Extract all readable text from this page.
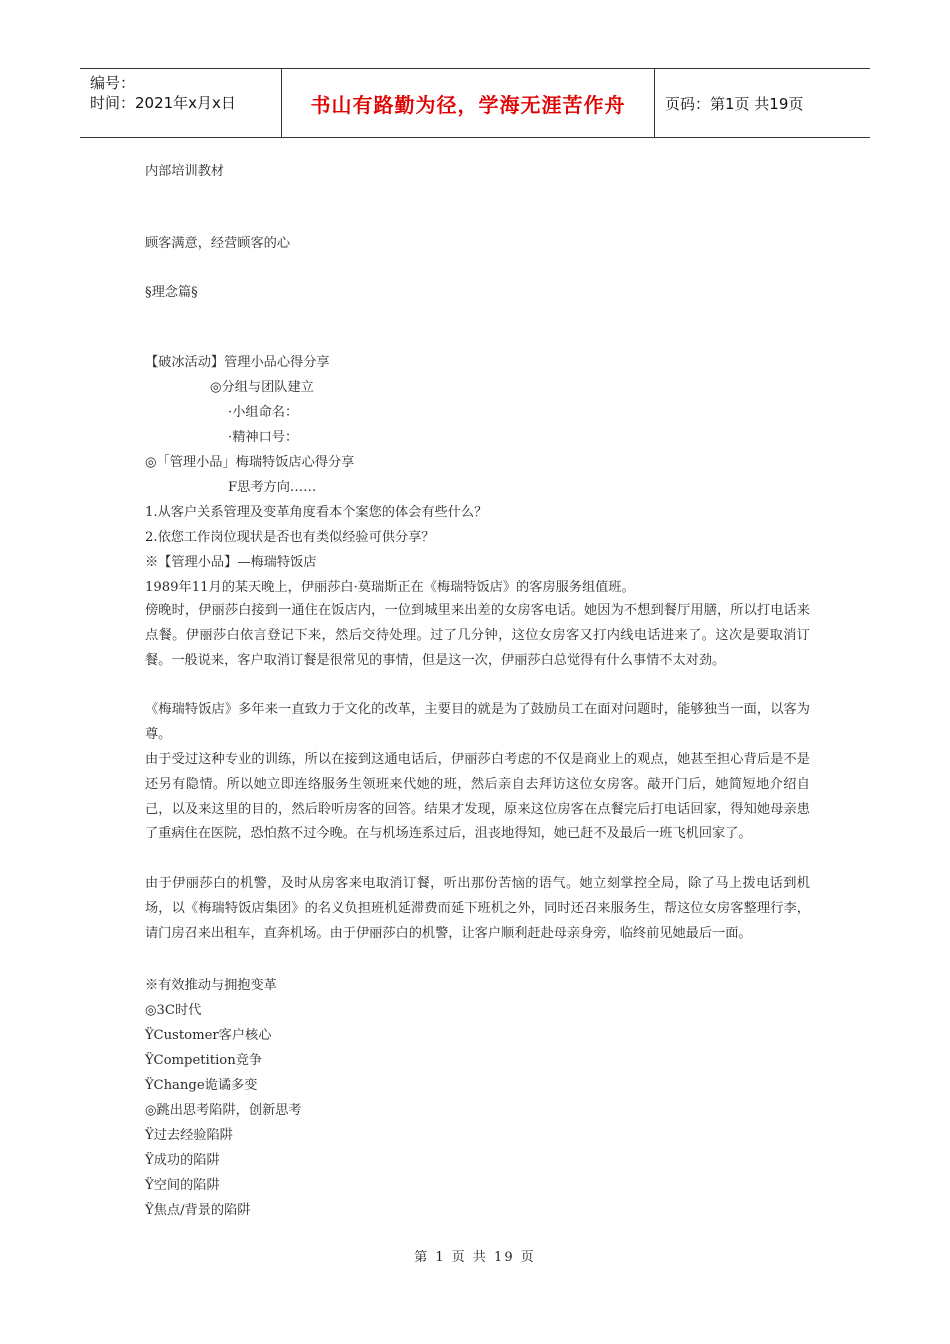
编号：
时间：2021年x月x日	书山有路勤为径，学海无涯苦作舟	页码：第1页 共19页
内部培训教材
顾客满意，经营顾客的心
§理念篇§
【破冰活动】管理小品心得分享
◎分组与团队建立
·小组命名：
·精神口号：
◎「管理小品」梅瑞特饭店心得分享
F思考方向……
1.从客户关系管理及变革角度看本个案您的体会有些什么？
2.依您工作岗位现状是否也有类似经验可供分享？
※【管理小品】—梅瑞特饭店
1989年11月的某天晚上，伊丽莎白·莫瑞斯正在《梅瑞特饭店》的客房服务组值班。
傍晚时，伊丽莎白接到一通住在饭店内，一位到城里来出差的女房客电话。她因为不想到餐厅用膳，所以打电话来点餐。伊丽莎白依言登记下来，然后交待处理。过了几分钟，这位女房客又打内线电话进来了。这次是要取消订餐。一般说来，客户取消订餐是很常见的事情，但是这一次，伊丽莎白总觉得有什么事情不太对劲。
《梅瑞特饭店》多年来一直致力于文化的改革，主要目的就是为了鼓励员工在面对问题时，能够独当一面，以客为尊。
由于受过这种专业的训练，所以在接到这通电话后，伊丽莎白考虑的不仅是商业上的观点，她甚至担心背后是不是还另有隐情。所以她立即连络服务生领班来代她的班，然后亲自去拜访这位女房客。敲开门后，她简短地介绍自己，以及来这里的目的，然后聆听房客的回答。结果才发现，原来这位房客在点餐完后打电话回家，得知她母亲患了重病住在医院，恐怕熬不过今晚。在与机场连系过后，沮丧地得知，她已赶不及最后一班飞机回家了。
由于伊丽莎白的机警，及时从房客来电取消订餐，听出那份苦恼的语气。她立刻掌控全局，除了马上拨电话到机场，以《梅瑞特饭店集团》的名义负担班机延滞费而延下班机之外，同时还召来服务生，帮这位女房客整理行李，请门房召来出租车，直奔机场。由于伊丽莎白的机警，让客户顺利赶赴母亲身旁，临终前见她最后一面。
※有效推动与拥抱变革
◎3C时代
ŸCustomer客户核心
ŸCompetition竞争
ŸChange诡谲多变
◎跳出思考陷阱，创新思考
Ÿ过去经验陷阱
Ÿ成功的陷阱
Ÿ空间的陷阱
Ÿ焦点/背景的陷阱
第 1 页 共 19 页
